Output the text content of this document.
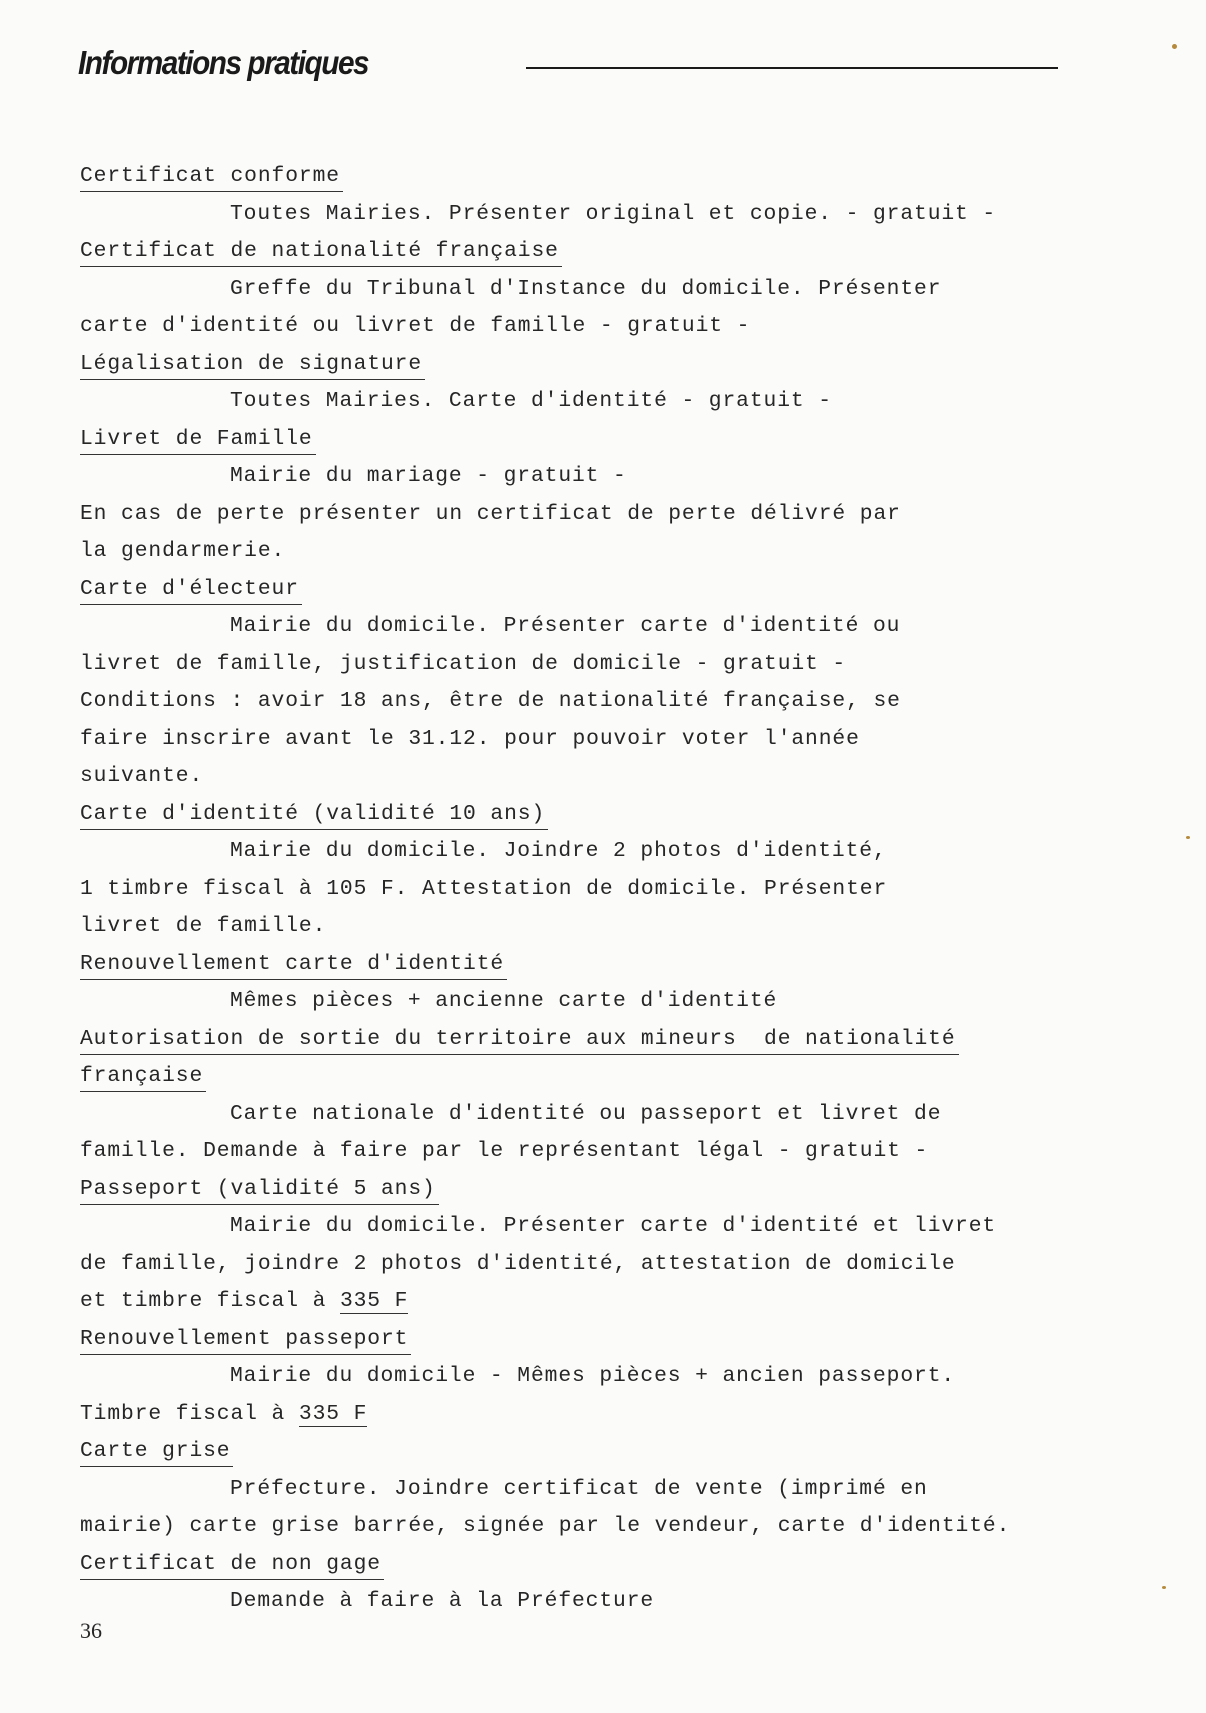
Informations pratiques
Certificat conforme
Toutes Mairies. Présenter original et copie. - gratuit -
Certificat de nationalité française
Greffe du Tribunal d'Instance du domicile. Présenter
carte d'identité ou livret de famille - gratuit -
Légalisation de signature
Toutes Mairies. Carte d'identité - gratuit -
Livret de Famille
Mairie du mariage - gratuit -
En cas de perte présenter un certificat de perte délivré par
la gendarmerie.
Carte d'électeur
Mairie du domicile. Présenter carte d'identité ou
livret de famille, justification de domicile - gratuit -
Conditions : avoir 18 ans, être de nationalité française, se
faire inscrire avant le 31.12. pour pouvoir voter l'année
suivante.
Carte d'identité (validité 10 ans)
Mairie du domicile. Joindre 2 photos d'identité,
1 timbre fiscal à 105 F. Attestation de domicile. Présenter
livret de famille.
Renouvellement carte d'identité
Mêmes pièces + ancienne carte d'identité
Autorisation de sortie du territoire aux mineurs  de nationalité
française
Carte nationale d'identité ou passeport et livret de
famille. Demande à faire par le représentant légal - gratuit -
Passeport (validité 5 ans)
Mairie du domicile. Présenter carte d'identité et livret
de famille, joindre 2 photos d'identité, attestation de domicile
et timbre fiscal à 335 F
Renouvellement passeport
Mairie du domicile - Mêmes pièces + ancien passeport.
Timbre fiscal à 335 F
Carte grise
Préfecture. Joindre certificat de vente (imprimé en
mairie) carte grise barrée, signée par le vendeur, carte d'identité.
Certificat de non gage
Demande à faire à la Préfecture
36
